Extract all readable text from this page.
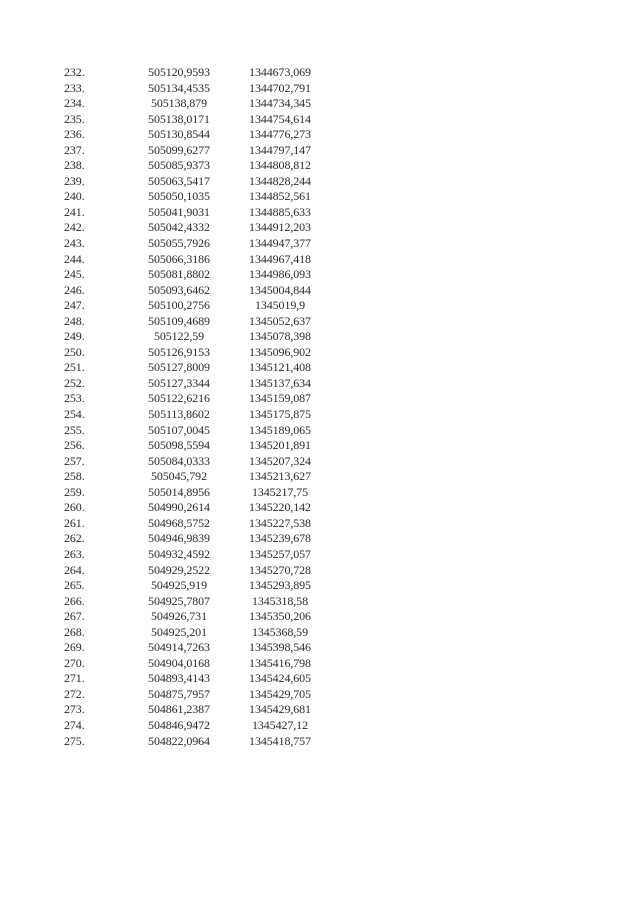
232.	505120,9593	1344673,069
233.	505134,4535	1344702,791
234.	505138,879	1344734,345
235.	505138,0171	1344754,614
236.	505130,8544	1344776,273
237.	505099,6277	1344797,147
238.	505085,9373	1344808,812
239.	505063,5417	1344828,244
240.	505050,1035	1344852,561
241.	505041,9031	1344885,633
242.	505042,4332	1344912,203
243.	505055,7926	1344947,377
244.	505066,3186	1344967,418
245.	505081,8802	1344986,093
246.	505093,6462	1345004,844
247.	505100,2756	1345019,9
248.	505109,4689	1345052,637
249.	505122,59	1345078,398
250.	505126,9153	1345096,902
251.	505127,8009	1345121,408
252.	505127,3344	1345137,634
253.	505122,6216	1345159,087
254.	505113,8602	1345175,875
255.	505107,0045	1345189,065
256.	505098,5594	1345201,891
257.	505084,0333	1345207,324
258.	505045,792	1345213,627
259.	505014,8956	1345217,75
260.	504990,2614	1345220,142
261.	504968,5752	1345227,538
262.	504946,9839	1345239,678
263.	504932,4592	1345257,057
264.	504929,2522	1345270,728
265.	504925,919	1345293,895
266.	504925,7807	1345318,58
267.	504926,731	1345350,206
268.	504925,201	1345368,59
269.	504914,7263	1345398,546
270.	504904,0168	1345416,798
271.	504893,4143	1345424,605
272.	504875,7957	1345429,705
273.	504861,2387	1345429,681
274.	504846,9472	1345427,12
275.	504822,0964	1345418,757
